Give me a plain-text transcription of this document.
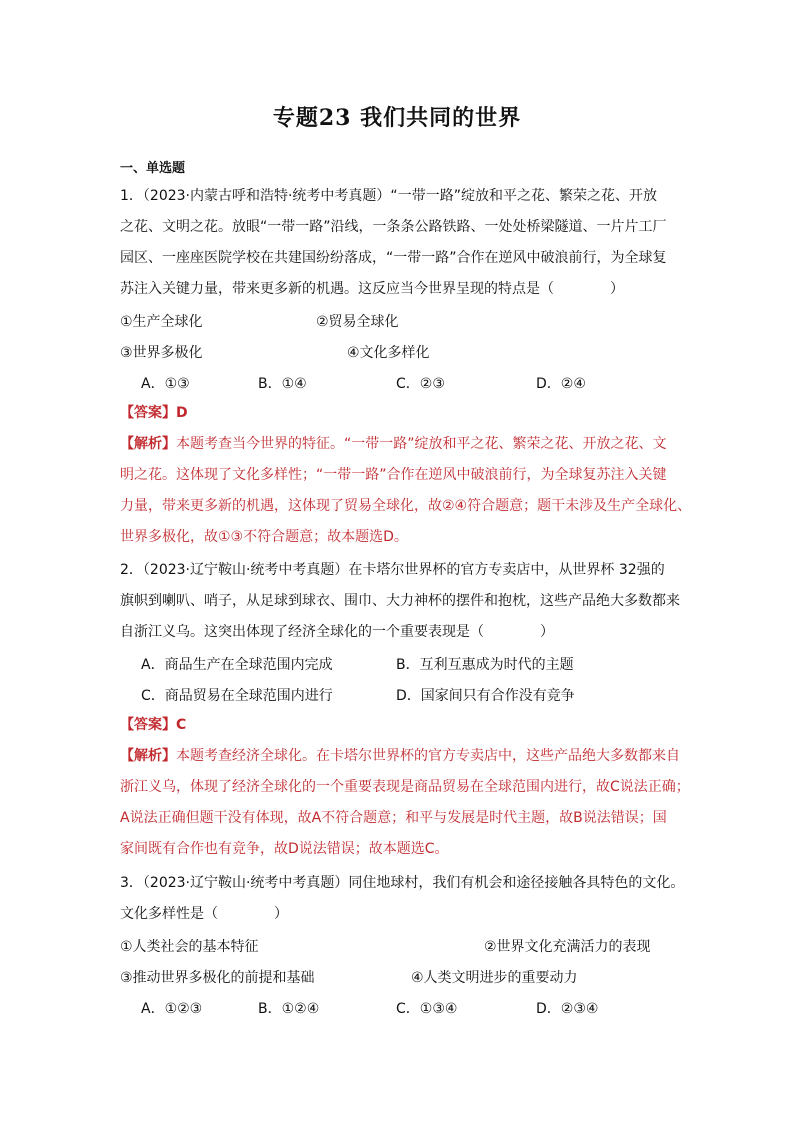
专题23 我们共同的世界
一、单选题
1．（2023·内蒙古呼和浩特·统考中考真题）“一带一路”绽放和平之花、繁荣之花、开放
之花、文明之花。放眼“一带一路”沿线，一条条公路铁路、一处处桥梁隧道、一片片工厂
园区、一座座医院学校在共建国纷纷落成，“一带一路”合作在逆风中破浪前行，为全球复
苏注入关键力量，带来更多新的机遇。这反应当今世界呈现的特点是（　　　　）
①生产全球化	②贸易全球化
③世界多极化	④文化多样化
A．①③	B．①④	C．②③	D．②④
【答案】D
【解析】本题考查当今世界的特征。“一带一路”绽放和平之花、繁荣之花、开放之花、文
明之花。这体现了文化多样性；“一带一路”合作在逆风中破浪前行，为全球复苏注入关键
力量，带来更多新的机遇，这体现了贸易全球化，故②④符合题意；题干未涉及生产全球化、
世界多极化，故①③不符合题意；故本题选D。
2．（2023·辽宁鞍山·统考中考真题）在卡塔尔世界杯的官方专卖店中，从世界杯 32强的
旗帜到喇叭、哨子，从足球到球衣、围巾、大力神杯的摆件和抱枕，这些产品绝大多数都来
自浙江义乌。这突出体现了经济全球化的一个重要表现是（　　　　）
A．商品生产在全球范围内完成	B．互利互惠成为时代的主题
C．商品贸易在全球范围内进行	D．国家间只有合作没有竞争
【答案】C
【解析】本题考查经济全球化。在卡塔尔世界杯的官方专卖店中，这些产品绝大多数都来自
浙江义乌，体现了经济全球化的一个重要表现是商品贸易在全球范围内进行，故C说法正确；
A说法正确但题干没有体现，故A不符合题意；和平与发展是时代主题，故B说法错误；国
家间既有合作也有竞争，故D说法错误；故本题选C。
3．（2023·辽宁鞍山·统考中考真题）同住地球村，我们有机会和途径接触各具特色的文化。
文化多样性是（　　　　）
①人类社会的基本特征	②世界文化充满活力的表现
③推动世界多极化的前提和基础	④人类文明进步的重要动力
A．①②③	B．①②④	C．①③④	D．②③④
